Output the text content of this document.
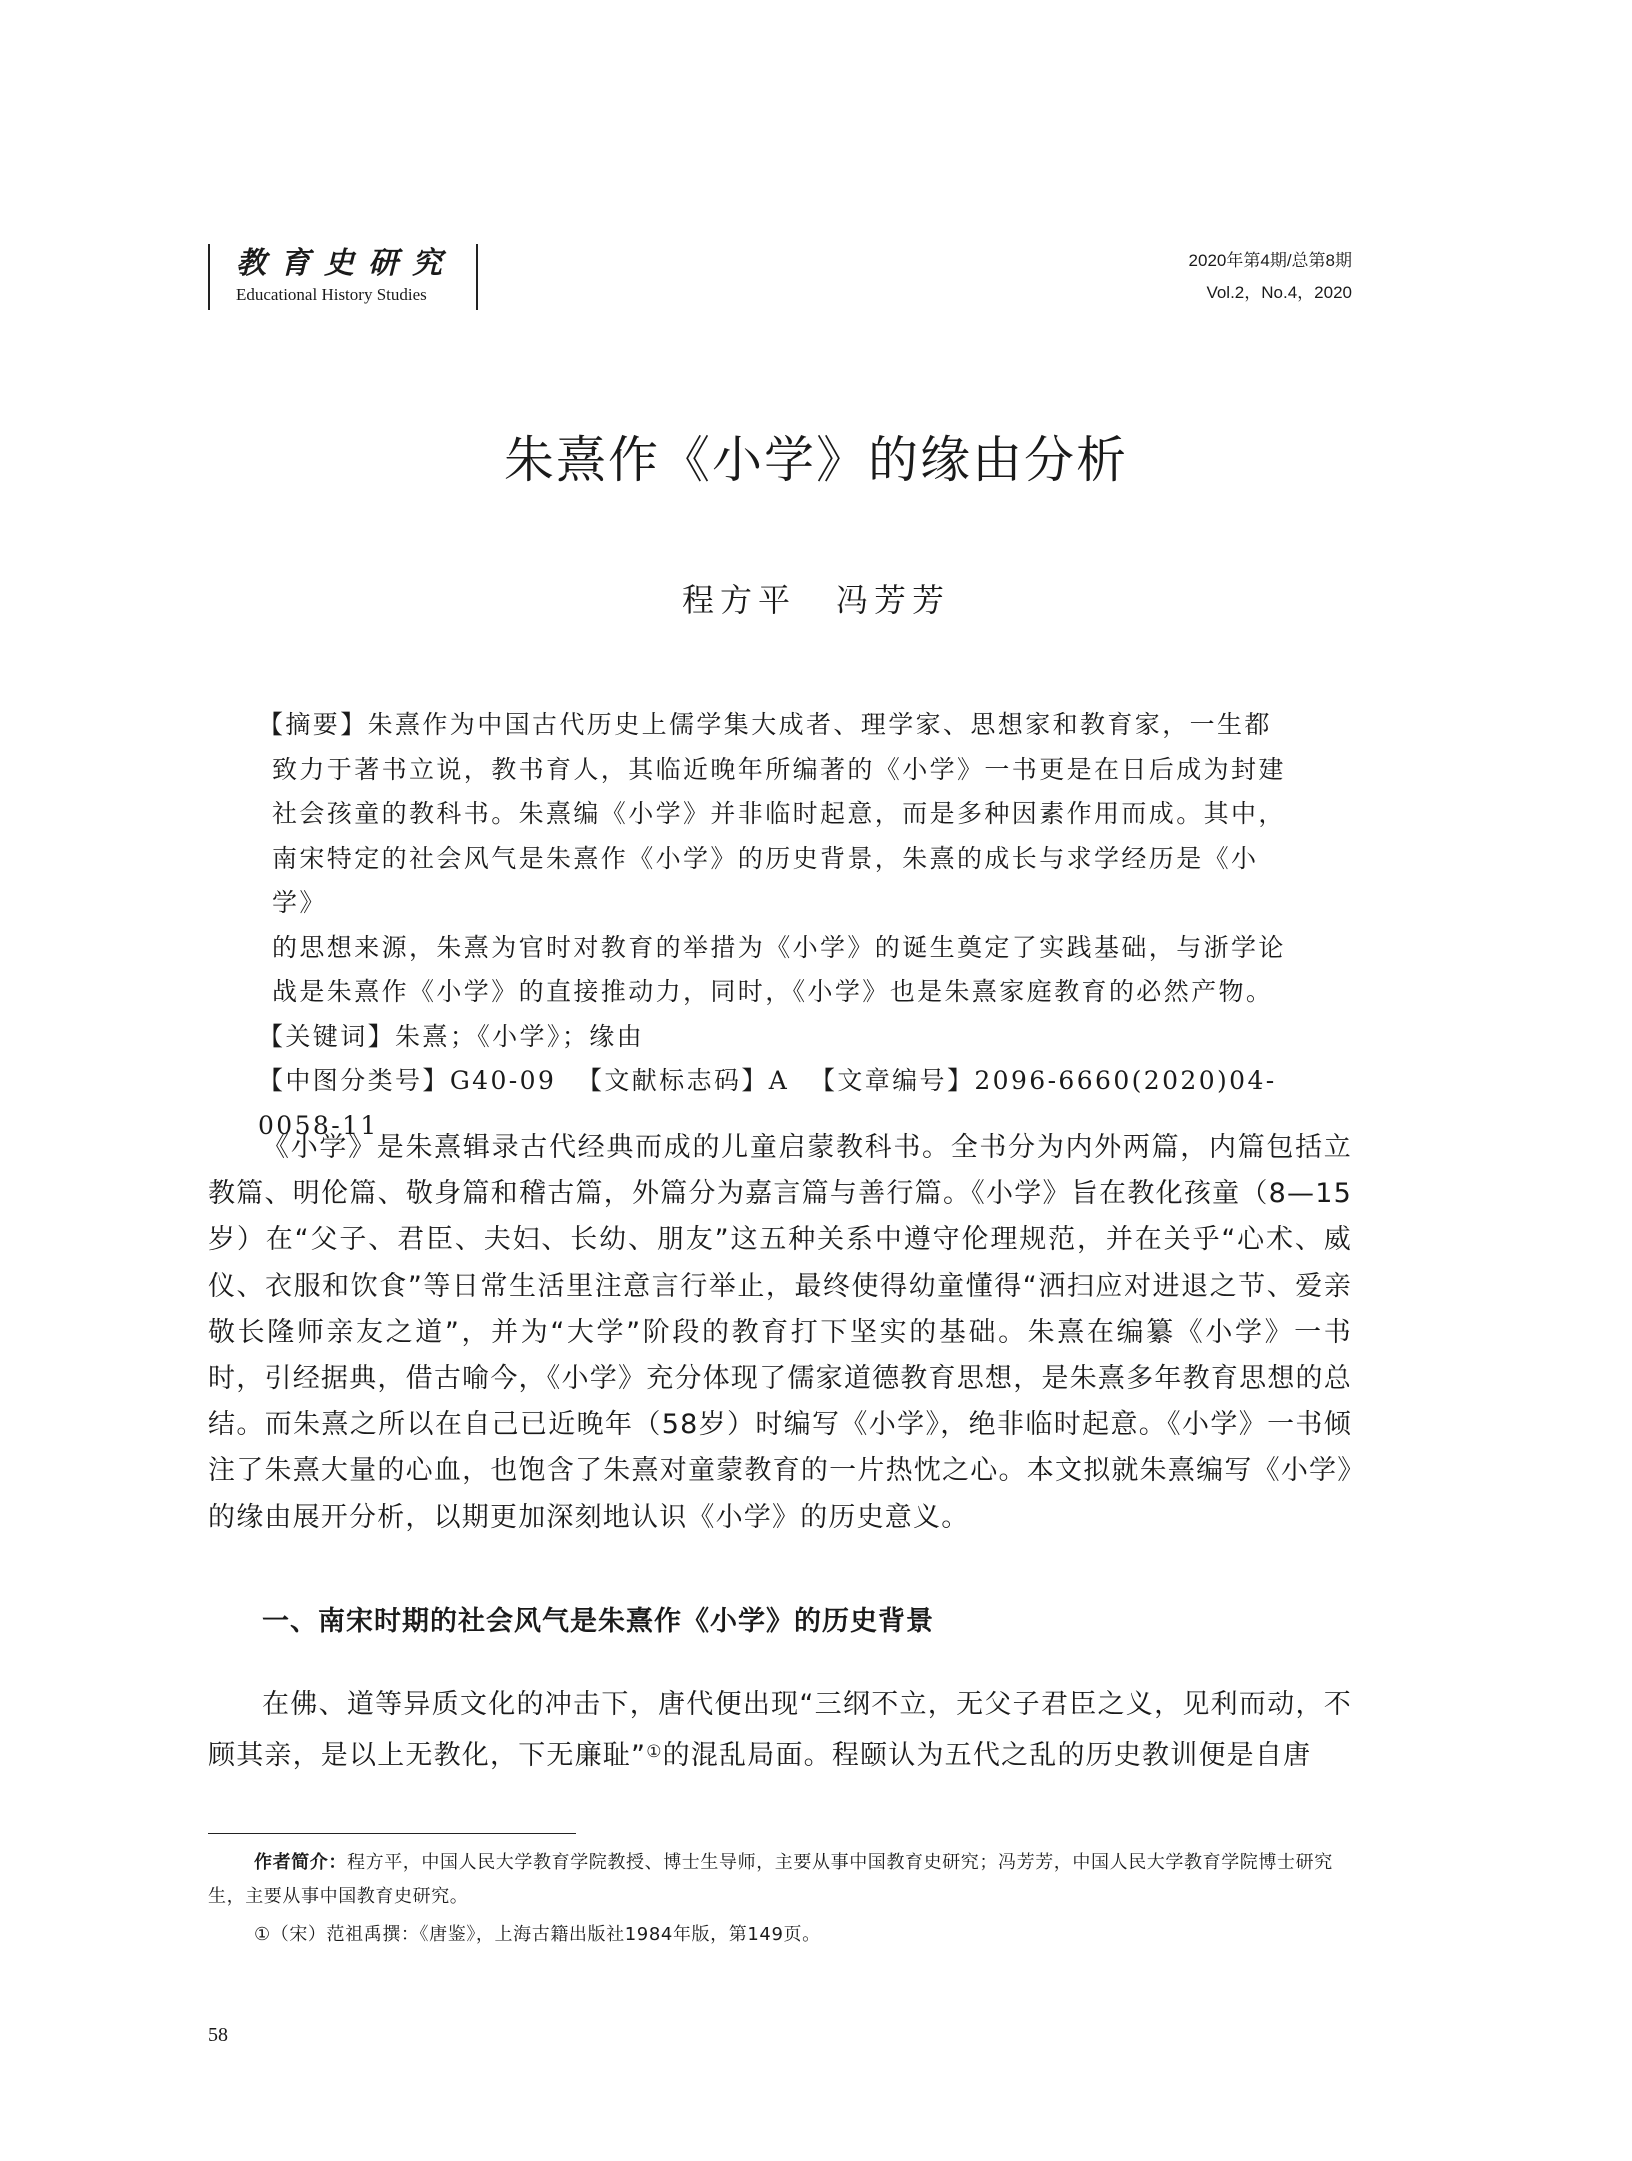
教育史研究
Educational History Studies
2020年第4期/总第8期
Vol.2，No.4，2020
朱熹作《小学》的缘由分析
程方平 冯芳芳
【摘要】朱熹作为中国古代历史上儒学集大成者、理学家、思想家和教育家，一生都
致力于著书立说，教书育人，其临近晚年所编著的《小学》一书更是在日后成为封建
社会孩童的教科书。朱熹编《小学》并非临时起意，而是多种因素作用而成。其中，
南宋特定的社会风气是朱熹作《小学》的历史背景，朱熹的成长与求学经历是《小学》
的思想来源，朱熹为官时对教育的举措为《小学》的诞生奠定了实践基础，与浙学论
战是朱熹作《小学》的直接推动力，同时，《小学》也是朱熹家庭教育的必然产物。
【关键词】朱熹；《小学》；缘由
【中图分类号】G40-09 【文献标志码】A 【文章编号】2096-6660(2020)04-0058-11

《小学》是朱熹辑录古代经典而成的儿童启蒙教科书。全书分为内外两篇，内篇包括立教篇、明伦篇、敬身篇和稽古篇，外篇分为嘉言篇与善行篇。《小学》旨在教化孩童（8—15岁）在“父子、君臣、夫妇、长幼、朋友”这五种关系中遵守伦理规范，并在关乎“心术、威仪、衣服和饮食”等日常生活里注意言行举止，最终使得幼童懂得“洒扫应对进退之节、爱亲敬长隆师亲友之道”，并为“大学”阶段的教育打下坚实的基础。朱熹在编纂《小学》一书时，引经据典，借古喻今，《小学》充分体现了儒家道德教育思想，是朱熹多年教育思想的总结。而朱熹之所以在自己已近晚年（58岁）时编写《小学》，绝非临时起意。《小学》一书倾注了朱熹大量的心血，也饱含了朱熹对童蒙教育的一片热忱之心。本文拟就朱熹编写《小学》的缘由展开分析，以期更加深刻地认识《小学》的历史意义。

一、南宋时期的社会风气是朱熹作《小学》的历史背景

在佛、道等异质文化的冲击下，唐代便出现“三纲不立，无父子君臣之义，见利而动，不顾其亲，是以上无教化，下无廉耻”①的混乱局面。程颐认为五代之乱的历史教训便是自唐

作者简介：程方平，中国人民大学教育学院教授、博士生导师，主要从事中国教育史研究；冯芳芳，中国人民大学教育学院博士研究生，主要从事中国教育史研究。

①（宋）范祖禹撰：《唐鉴》，上海古籍出版社1984年版，第149页。

58
